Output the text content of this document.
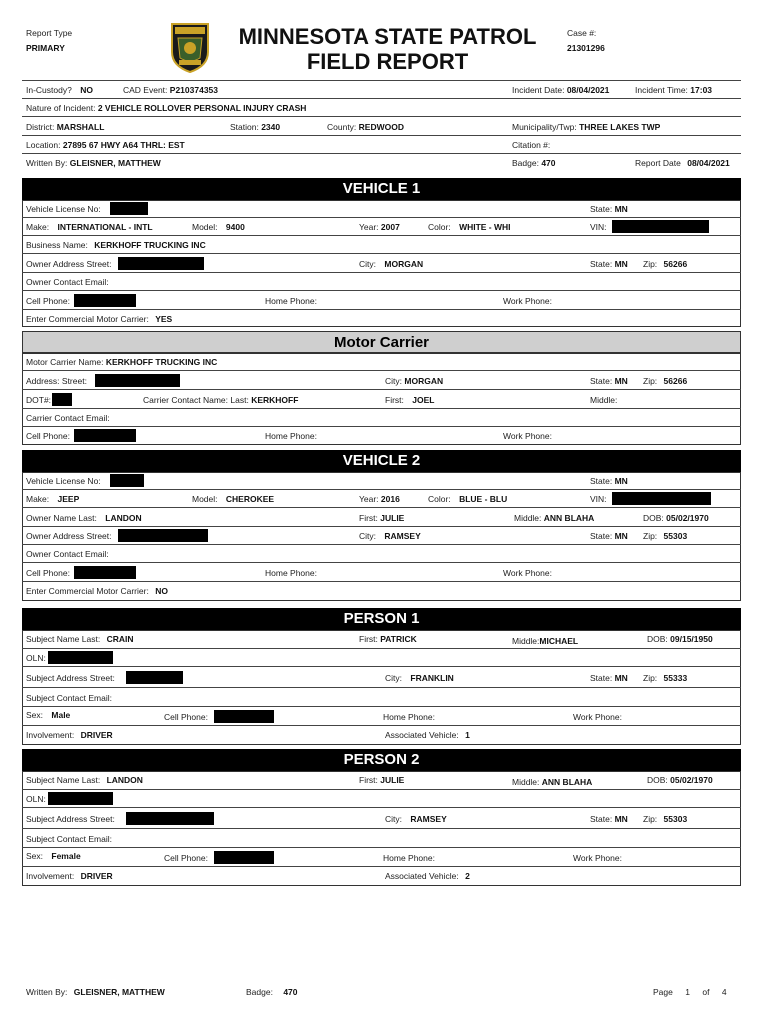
Report Type
PRIMARY	MINNESOTA STATE PATROL
FIELD REPORT
Case #:
21301296
In-Custody? NO	CAD Event: P210374353	Incident Date: 08/04/2021	Incident Time: 17:03
Nature of Incident: 2 VEHICLE ROLLOVER PERSONAL INJURY CRASH
District: MARSHALL	Station: 2340	County: REDWOOD	Municipality/Twp: THREE LAKES TWP
Location: 27895 67 HWY A64 THRL: EST	Citation #:
Written By: GLEISNER, MATTHEW	Badge: 470	Report Date 08/04/2021
VEHICLE 1
Vehicle License No:	State: MN
Make: INTERNATIONAL - INTL	Model: 9400	Year: 2007	Color: WHITE - WHI	VIN:
Business Name: KERKHOFF TRUCKING INC
Owner Address Street:	City: MORGAN	State: MN Zip: 56266
Owner Contact Email:
Cell Phone:	Home Phone:	Work Phone:
Enter Commercial Motor Carrier: YES
Motor Carrier
Motor Carrier Name: KERKHOFF TRUCKING INC
Address: Street:	City: MORGAN	State: MN Zip: 56266
DOT#:	Carrier Contact Name: Last: KERKHOFF	First: JOEL	Middle:
Carrier Contact Email:
Cell Phone:	Home Phone:	Work Phone:
VEHICLE 2
Vehicle License No:	State: MN
Make: JEEP	Model: CHEROKEE	Year: 2016	Color: BLUE - BLU	VIN:
Owner Name Last: LANDON	First: JULIE	Middle: ANN BLAHA	DOB: 05/02/1970
Owner Address Street:	City: RAMSEY	State: MN Zip: 55303
Owner Contact Email:
Cell Phone:	Home Phone:	Work Phone:
Enter Commercial Motor Carrier: NO
PERSON 1
Subject Name Last: CRAIN	First: PATRICK	Middle:MICHAEL	DOB: 09/15/1950
OLN:
Subject Address Street:	City: FRANKLIN	State: MN Zip: 55333
Subject Contact Email:
Sex: Male	Cell Phone:	Home Phone:	Work Phone:
Involvement: DRIVER	Associated Vehicle: 1
PERSON 2
Subject Name Last: LANDON	First: JULIE	Middle: ANN BLAHA	DOB: 05/02/1970
OLN:
Subject Address Street:	City: RAMSEY	State: MN Zip: 55303
Subject Contact Email:
Sex: Female	Cell Phone:	Home Phone:	Work Phone:
Involvement: DRIVER	Associated Vehicle: 2
Written By: GLEISNER, MATTHEW	Badge: 470	Page 1 of 4
